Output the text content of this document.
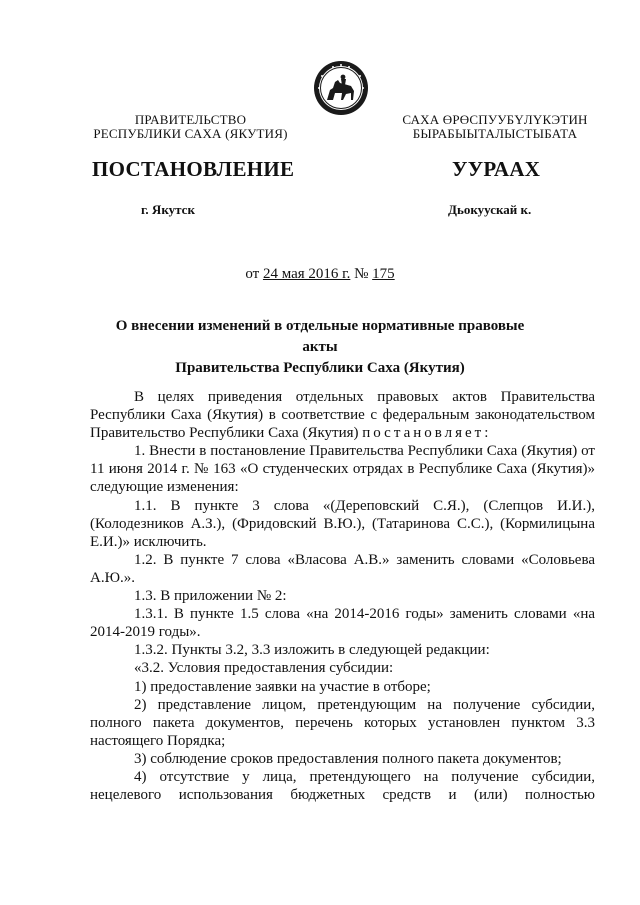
ПРАВИТЕЛЬСТВО
РЕСПУБЛИКИ САХА (ЯКУТИЯ)
САХА ӨРӨСПУУБҮЛҮКЭТИН
БЫРАБЫЫТАЛЫСТЫБАТА
ПОСТАНОВЛЕНИЕ	УУРААХ
г. Якутск	Дьокуускай к.
от 24 мая 2016 г. № 175
О внесении изменений в отдельные нормативные правовые акты
Правительства Республики Саха (Якутия)

В целях приведения отдельных правовых актов Правительства Республики Саха (Якутия) в соответствие с федеральным законодательством Правительство Республики Саха (Якутия) постановляет:

1. Внести в постановление Правительства Республики Саха (Якутия) от 11 июня 2014 г. № 163 «О студенческих отрядах в Республике Саха (Якутия)» следующие изменения:

1.1. В пункте 3 слова «(Дереповский С.Я.), (Слепцов И.И.), (Колодезников А.З.), (Фридовский В.Ю.), (Татаринова С.С.), (Кормилицына Е.И.)» исключить.

1.2. В пункте 7 слова «Власова А.В.» заменить словами «Соловьева А.Ю.».

1.3. В приложении № 2:

1.3.1. В пункте 1.5 слова «на 2014-2016 годы» заменить словами «на 2014-2019 годы».

1.3.2. Пункты 3.2, 3.3 изложить в следующей редакции:

«3.2. Условия предоставления субсидии:

1) предоставление заявки на участие в отборе;

2) представление лицом, претендующим на получение субсидии, полного пакета документов, перечень которых установлен пунктом 3.3 настоящего Порядка;

3) соблюдение сроков предоставления полного пакета документов;

4) отсутствие у лица, претендующего на получение субсидии, нецелевого использования бюджетных средств и (или) полностью
